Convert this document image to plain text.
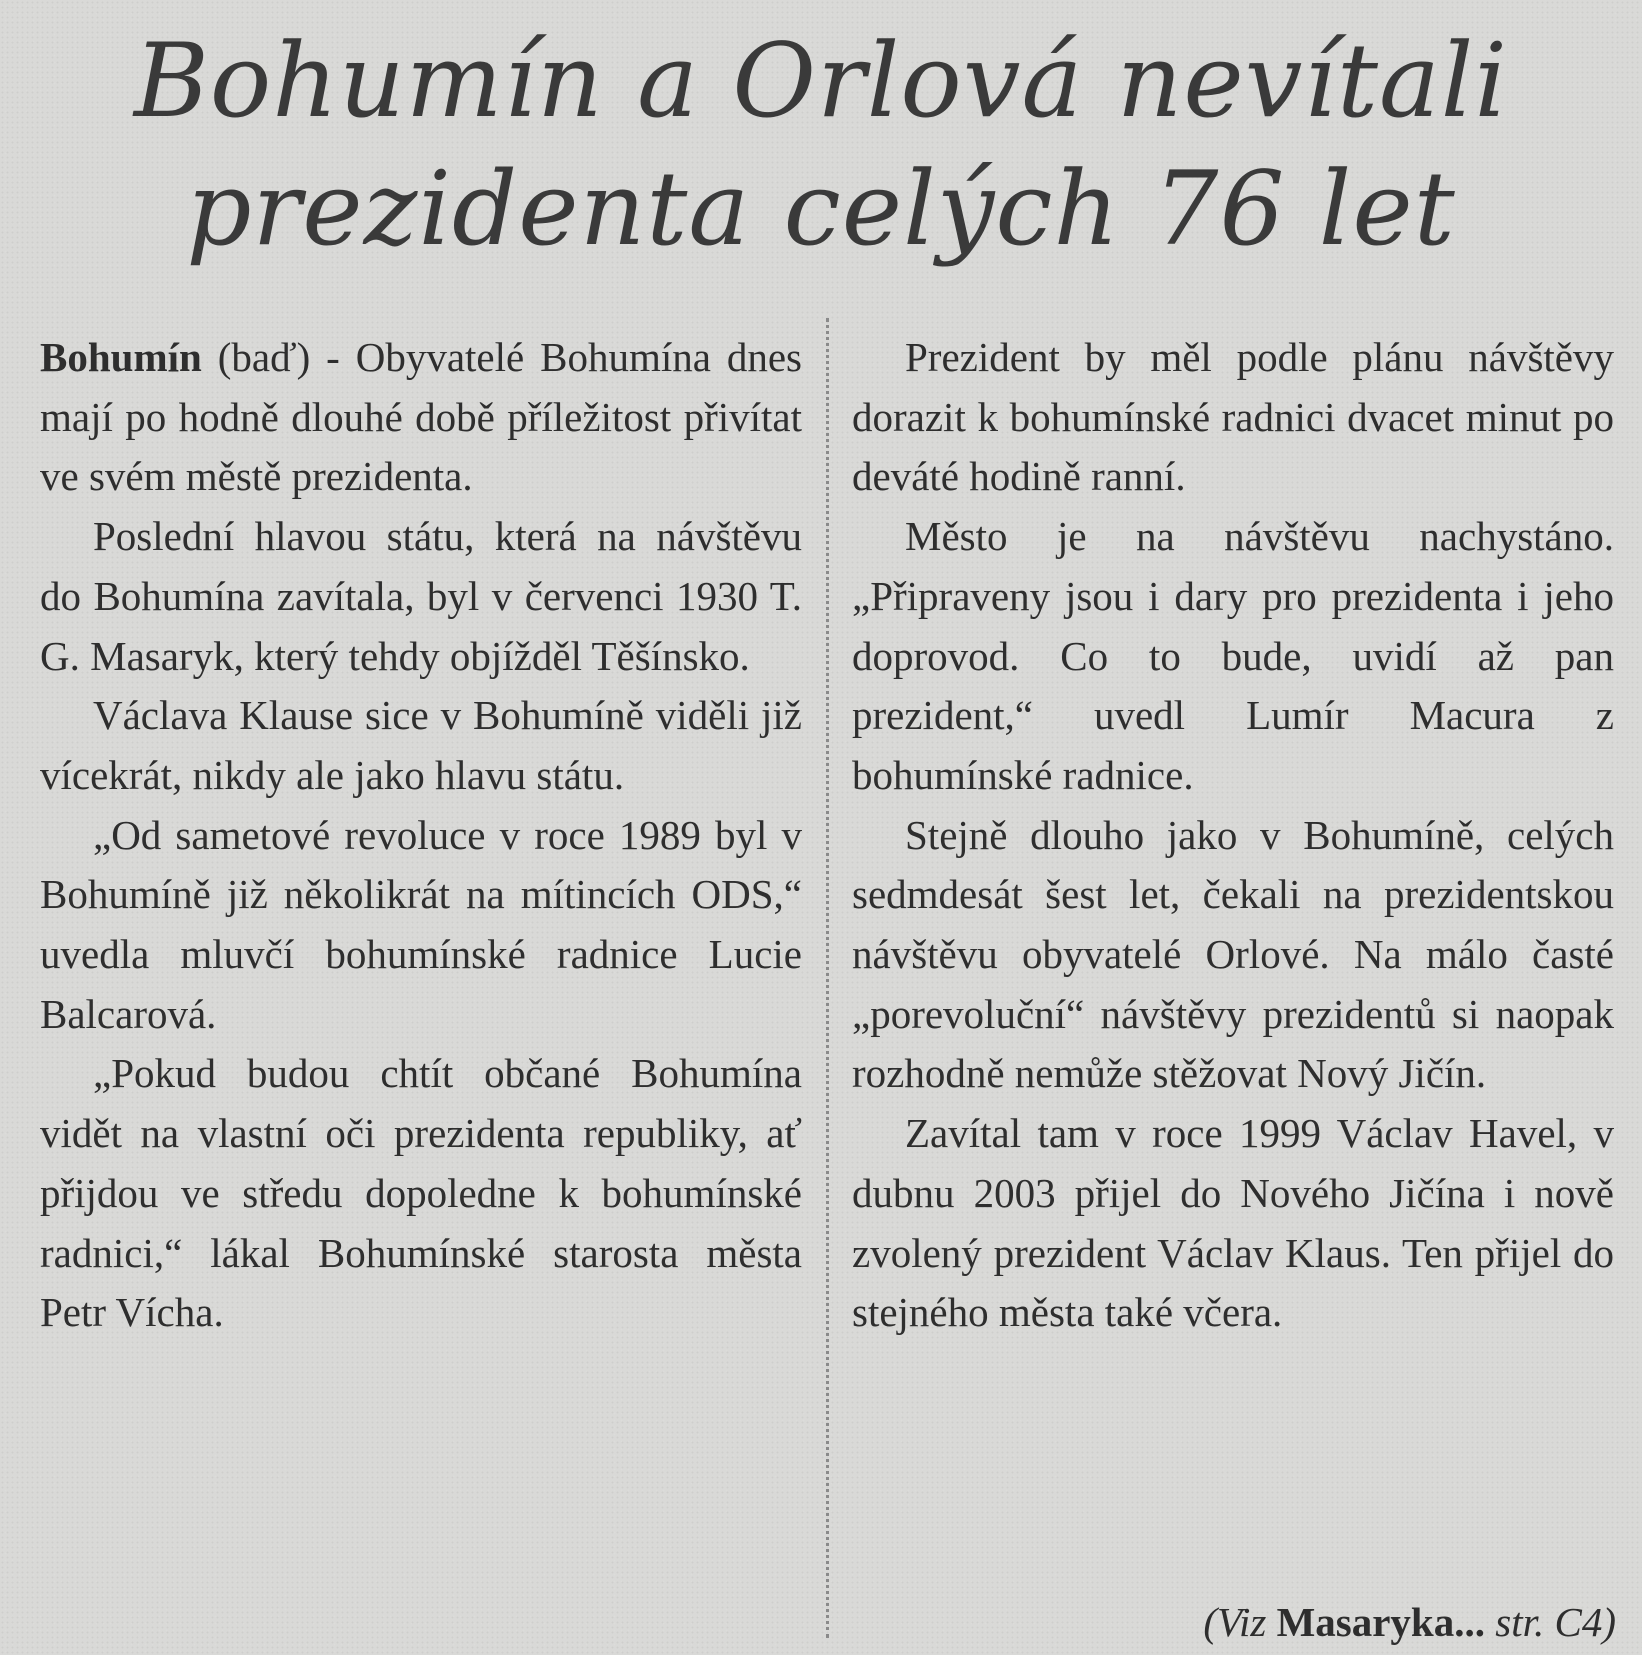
Bohumín a Orlová nevítali
prezidenta celých 76 let

Bohumín (baď) - Obyvatelé Bohumína dnes mají po hodně dlouhé době příležitost přivítat ve svém městě prezidenta.

Poslední hlavou státu, která na návštěvu do Bohumína zavítala, byl v červenci 1930 T. G. Masaryk, který tehdy objížděl Těšínsko.

Václava Klause sice v Bohumíně viděli již vícekrát, nikdy ale jako hlavu státu.

„Od sametové revoluce v roce 1989 byl v Bohumíně již několikrát na mítincích ODS,“ uvedla mluvčí bohumínské radnice Lucie Balcarová.

„Pokud budou chtít občané Bohumína vidět na vlastní oči prezidenta republiky, ať přijdou ve středu dopoledne k bohumínské radnici,“ lákal Bohumínské starosta města Petr Vícha.

Prezident by měl podle plánu návštěvy dorazit k bohumínské radnici dvacet minut po deváté hodině ranní.

Město je na návštěvu nachystáno. „Připraveny jsou i dary pro prezidenta i jeho doprovod. Co to bude, uvidí až pan prezident,“ uvedl Lumír Macura z bohumínské radnice.

Stejně dlouho jako v Bohumíně, celých sedmdesát šest let, čekali na prezidentskou návštěvu obyvatelé Orlové. Na málo časté „porevoluční“ návštěvy prezidentů si naopak rozhodně nemůže stěžovat Nový Jičín.

Zavítal tam v roce 1999 Václav Havel, v dubnu 2003 přijel do Nového Jičína i nově zvolený prezident Václav Klaus. Ten přijel do stejného města také včera.

(Viz Masaryka... str. C4)
